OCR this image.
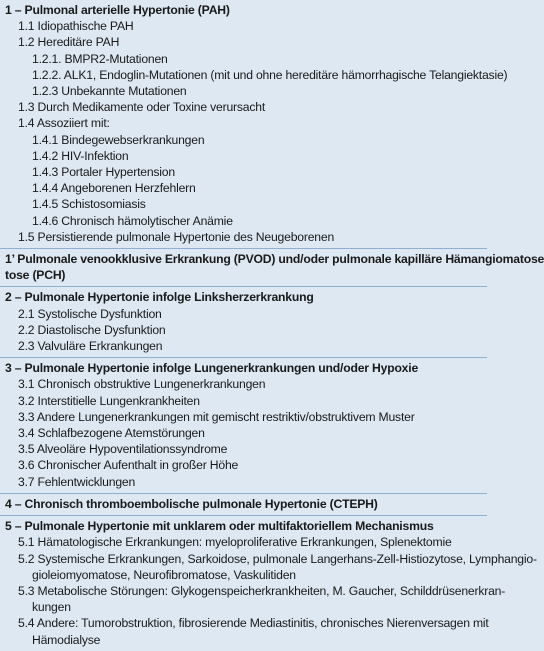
1 – Pulmonal arterielle Hypertonie (PAH)
1.1 Idiopathische PAH
1.2 Hereditäre PAH
1.2.1. BMPR2-Mutationen
1.2.2. ALK1, Endoglin-Mutationen (mit und ohne hereditäre hämorrhagische Telangiektasie)
1.2.3 Unbekannte Mutationen
1.3 Durch Medikamente oder Toxine verursacht
1.4 Assoziiert mit:
1.4.1 Bindegewebserkrankungen
1.4.2 HIV-Infektion
1.4.3 Portaler Hypertension
1.4.4 Angeborenen Herzfehlern
1.4.5 Schistosomiasis
1.4.6 Chronisch hämolytischer Anämie
1.5 Persistierende pulmonale Hypertonie des Neugeborenen
1’ Pulmonale venookklusive Erkrankung (PVOD) und/oder pulmonale kapilläre Hämangiomatose
tose (PCH)
2 – Pulmonale Hypertonie infolge Linksherzerkrankung
2.1 Systolische Dysfunktion
2.2 Diastolische Dysfunktion
2.3 Valvuläre Erkrankungen
3 – Pulmonale Hypertonie infolge Lungenerkrankungen und/oder Hypoxie
3.1 Chronisch obstruktive Lungenerkrankungen
3.2 Interstitielle Lungenkrankheiten
3.3 Andere Lungenerkrankungen mit gemischt restriktiv/obstruktivem Muster
3.4 Schlafbezogene Atemstörungen
3.5 Alveoläre Hypoventilationssyndrome
3.6 Chronischer Aufenthalt in großer Höhe
3.7 Fehlentwicklungen
4 – Chronisch thromboembolische pulmonale Hypertonie (CTEPH)
5 – Pulmonale Hypertonie mit unklarem oder multifaktoriellem Mechanismus
5.1 Hämatologische Erkrankungen: myeloproliferative Erkrankungen, Splenektomie
5.2 Systemische Erkrankungen, Sarkoidose, pulmonale Langerhans-Zell-Histiozytose, Lymphangio-
gioleiomyomatose, Neurofibromatose, Vaskulitiden
5.3 Metabolische Störungen: Glykogenspeicherkrankheiten, M. Gaucher, Schilddrüsenerkran-
kungen
5.4 Andere: Tumorobstruktion, fibrosierende Mediastinitis, chronisches Nierenversagen mit
Hämodialyse
